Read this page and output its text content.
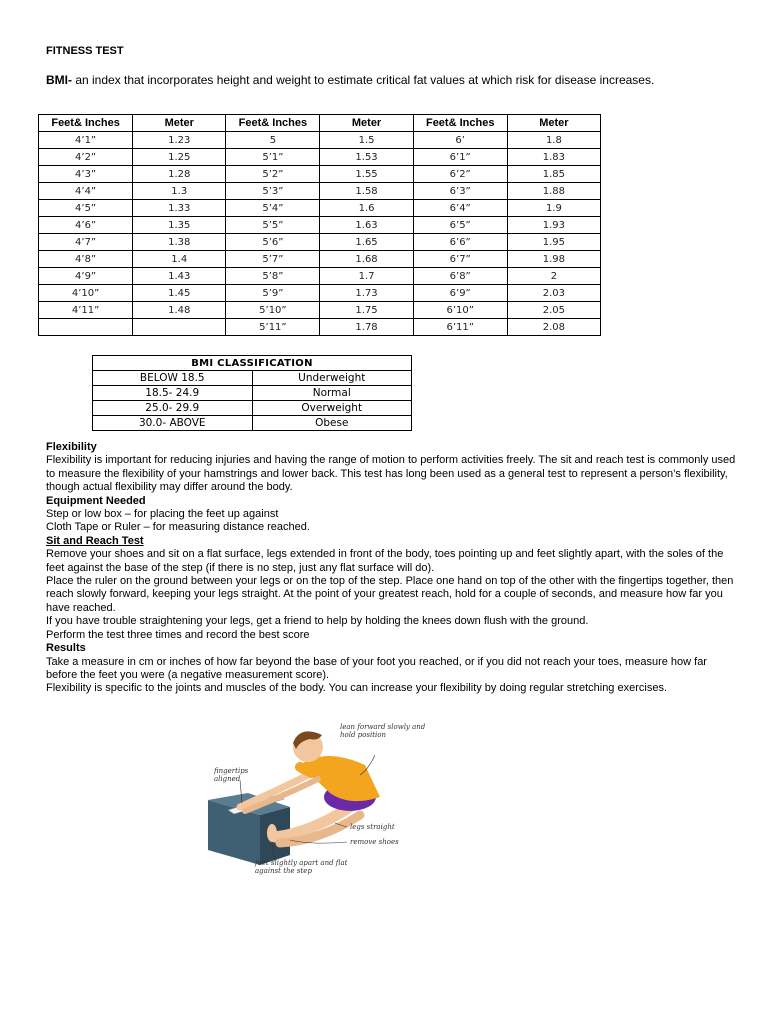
FITNESS TEST
BMI- an index that incorporates height and weight to estimate critical fat values at which risk for disease increases.
Feet& Inches	Meter	Feet& Inches	Meter	Feet& Inches	Meter
4’1”	1.23	5	1.5	6’	1.8
4’2”	1.25	5’1”	1.53	6’1”	1.83
4’3”	1.28	5’2”	1.55	6’2”	1.85
4’4”	1.3	5’3”	1.58	6’3”	1.88
4’5”	1.33	5’4”	1.6	6’4”	1.9
4’6”	1.35	5’5”	1.63	6’5”	1.93
4’7”	1.38	5’6”	1.65	6’6”	1.95
4’8”	1.4	5’7”	1.68	6’7”	1.98
4’9”	1.43	5’8”	1.7	6’8”	2
4’10”	1.45	5’9”	1.73	6’9”	2.03
4’11”	1.48	5’10”	1.75	6’10”	2.05
		5’11”	1.78	6’11”	2.08
BMI CLASSIFICATION	
BELOW 18.5	Underweight
18.5- 24.9	Normal
25.0- 29.9	Overweight
30.0- ABOVE	Obese

Flexibility

Flexibility is important for reducing injuries and having the range of motion to perform activities freely. The sit and reach test is commonly used to measure the flexibility of your hamstrings and lower back. This test has long been used as a general test to represent a person’s flexibility, though actual flexibility may differ around the body.

Equipment Needed

Step or low box – for placing the feet up against

Cloth Tape or Ruler – for measuring distance reached.

Sit and Reach Test

Remove your shoes and sit on a flat surface, legs extended in front of the body, toes pointing up and feet slightly apart, with the soles of the feet against the base of the step (if there is no step, just any flat surface will do).

Place the ruler on the ground between your legs or on the top of the step. Place one hand on top of the other with the fingertips together, then reach slowly forward, keeping your legs straight. At the point of your greatest reach, hold for a couple of seconds, and measure how far you have reached.

If you have trouble straightening your legs, get a friend to help by holding the knees down flush with the ground.

Perform the test three times and record the best score

Results

Take a measure in cm or inches of how far beyond the base of your foot you reached, or if you did not reach your toes, measure how far before the feet you were (a negative measurement score).

Flexibility is specific to the joints and muscles of the body. You can increase your flexibility by doing regular stretching exercises.

lean forward slowly and hold position
fingertips aligned
legs straight
remove shoes
feet slightly apart and flat against the step
